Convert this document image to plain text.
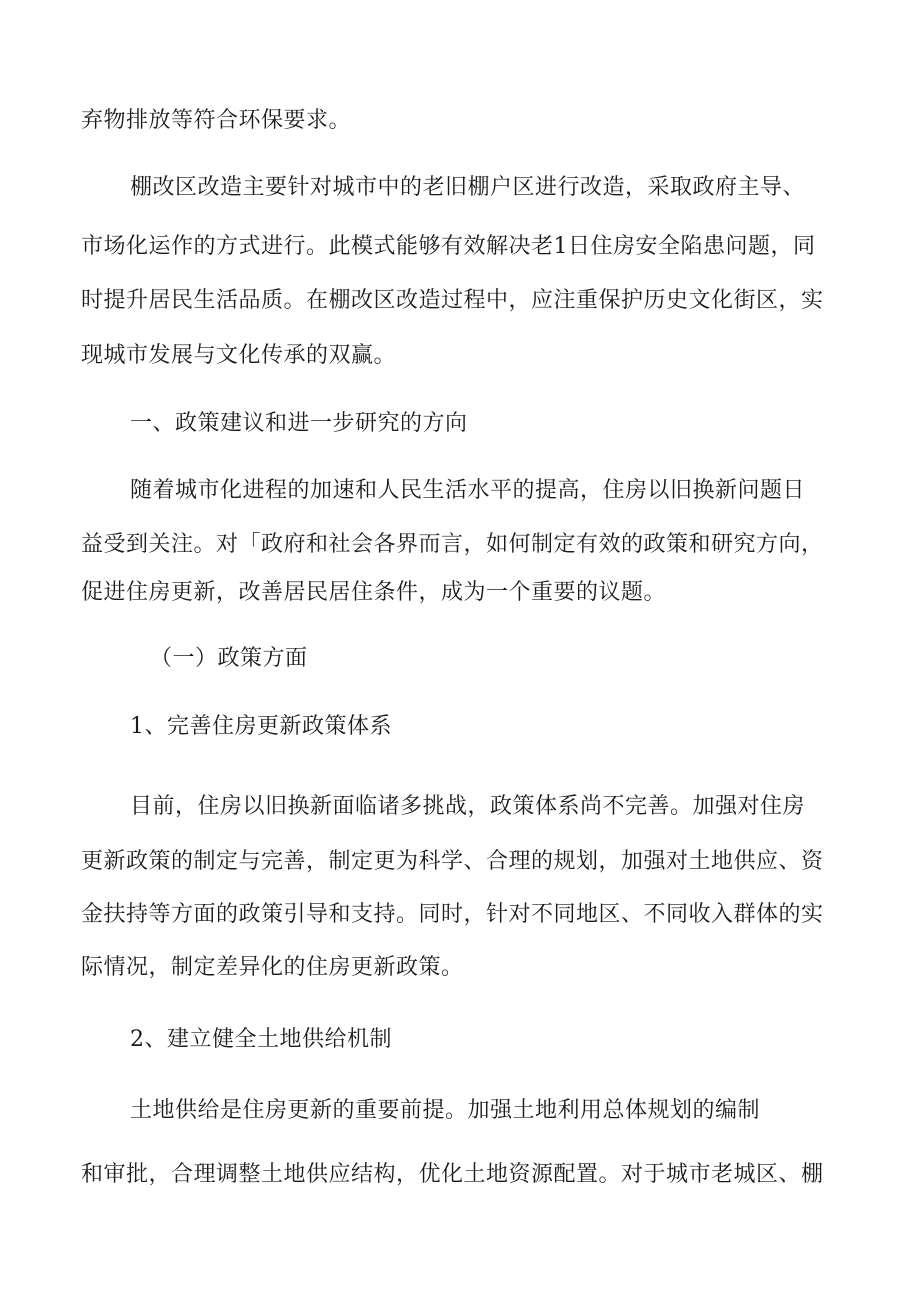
弃物排放等符合环保要求。
棚改区改造主要针对城市中的老旧棚户区进行改造，采取政府主导、
市场化运作的方式进行。此模式能够有效解决老1日住房安全陷患问题，同
时提升居民生活品质。在棚改区改造过程中，应注重保护历史文化街区，实
现城市发展与文化传承的双赢。
一、政策建议和进一步研究的方向
随着城市化进程的加速和人民生活水平的提高，住房以旧换新问题日
益受到关注。对「政府和社会各界而言，如何制定有效的政策和研究方向，
促进住房更新，改善居民居住条件，成为一个重要的议题。
（一）政策方面
1、完善住房更新政策体系
目前，住房以旧换新面临诸多挑战，政策体系尚不完善。加强对住房
更新政策的制定与完善，制定更为科学、合理的规划，加强对土地供应、资
金扶持等方面的政策引导和支持。同时，针对不同地区、不同收入群体的实
际情况，制定差异化的住房更新政策。
2、建立健全土地供给机制
土地供给是住房更新的重要前提。加强土地利用总体规划的编制
和审批，合理调整土地供应结构，优化土地资源配置。对于城市老城区、棚
